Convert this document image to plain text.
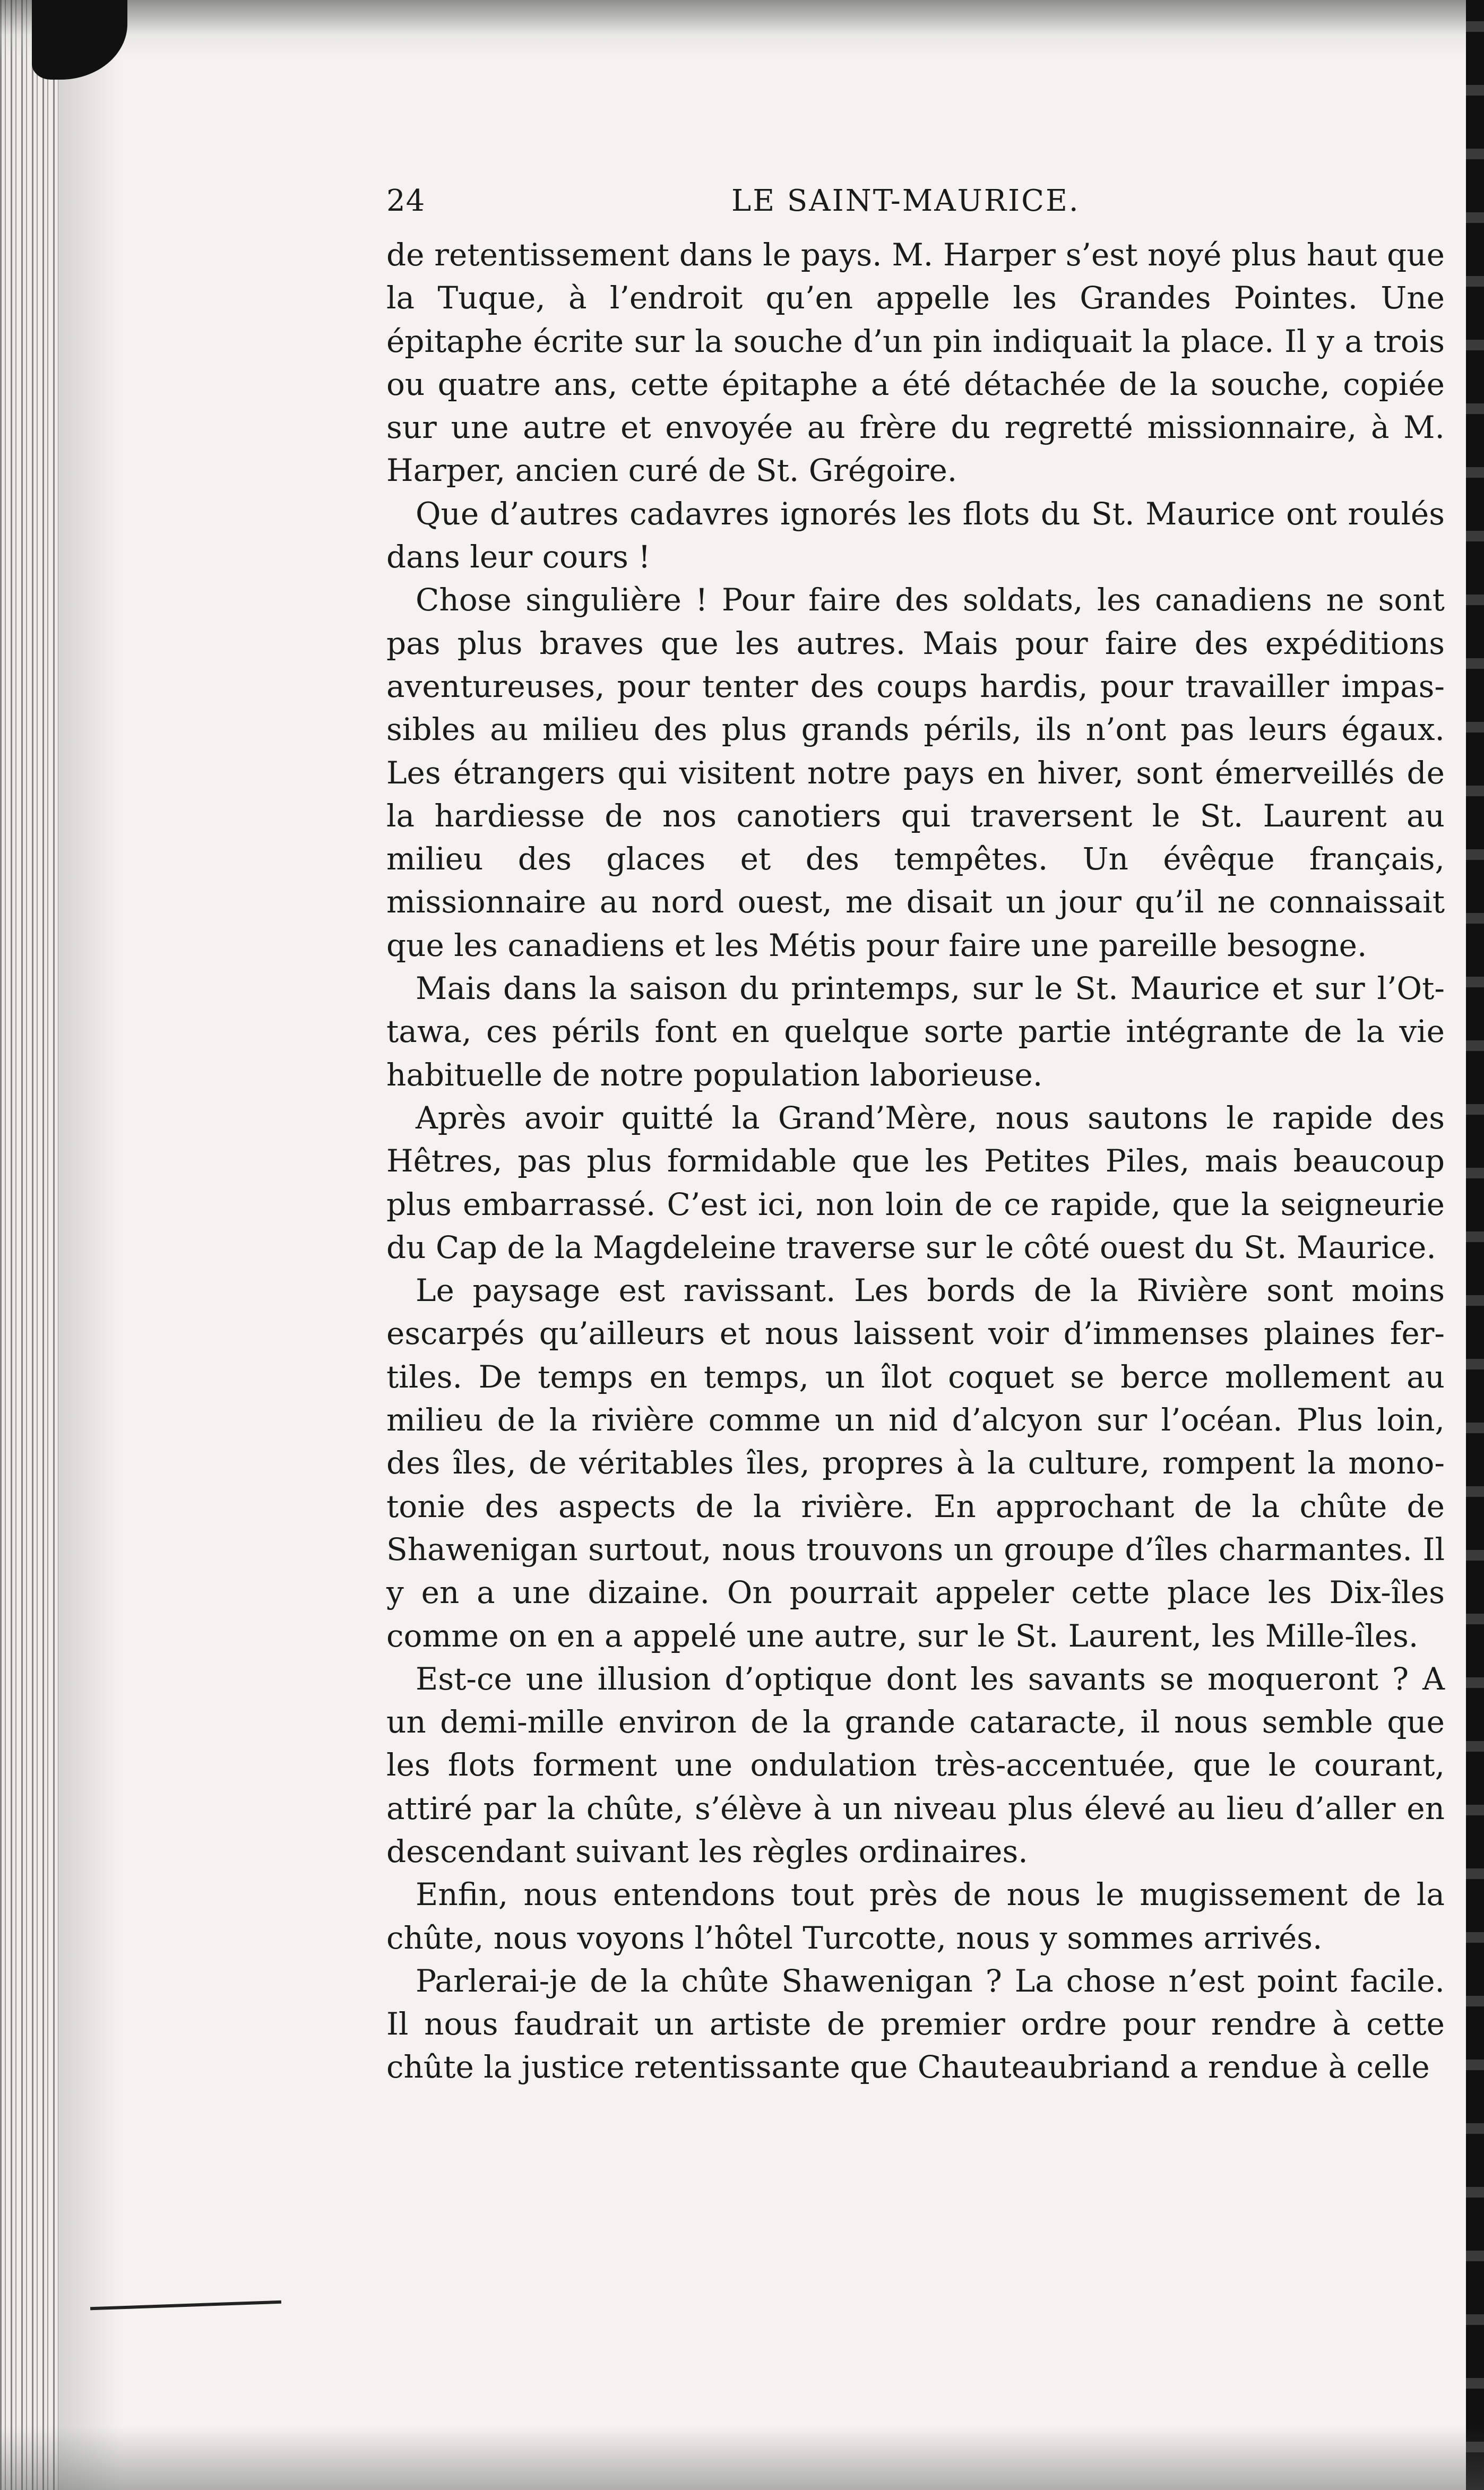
24	LE SAINT-MAURICE.

de retentissement dans le pays. M. Harper s’est noyé plus haut que la Tuque, à l’endroit qu’en appelle les Grandes Pointes. Une épitaphe écrite sur la souche d’un pin indiquait la place. Il y a trois ou quatre ans, cette épitaphe a été détachée de la souche, copiée sur une autre et envoyée au frère du regretté missionnaire, à M. Harper, ancien curé de St. Grégoire.

Que d’autres cadavres ignorés les flots du St. Maurice ont roulés dans leur cours !

Chose singulière ! Pour faire des soldats, les canadiens ne sont pas plus braves que les autres. Mais pour faire des expéditions aventureuses, pour tenter des coups hardis, pour travailler impassibles au milieu des plus grands périls, ils n’ont pas leurs égaux. Les étrangers qui visitent notre pays en hiver, sont émerveillés de la hardiesse de nos canotiers qui traversent le St. Laurent au milieu des glaces et des tempêtes. Un évêque français, missionnaire au nord ouest, me disait un jour qu’il ne connaissait que les canadiens et les Métis pour faire une pareille besogne.

Mais dans la saison du printemps, sur le St. Maurice et sur l’Ottawa, ces périls font en quelque sorte partie intégrante de la vie habituelle de notre population laborieuse.

Après avoir quitté la Grand’Mère, nous sautons le rapide des Hêtres, pas plus formidable que les Petites Piles, mais beaucoup plus embarrassé. C’est ici, non loin de ce rapide, que la seigneurie du Cap de la Magdeleine traverse sur le côté ouest du St. Maurice.

Le paysage est ravissant. Les bords de la Rivière sont moins escarpés qu’ailleurs et nous laissent voir d’immenses plaines fertiles. De temps en temps, un îlot coquet se berce mollement au milieu de la rivière comme un nid d’alcyon sur l’océan. Plus loin, des îles, de véritables îles, propres à la culture, rompent la monotonie des aspects de la rivière. En approchant de la chûte de Shawenigan surtout, nous trouvons un groupe d’îles charmantes. Il y en a une dizaine. On pourrait appeler cette place les Dix-îles comme on en a appelé une autre, sur le St. Laurent, les Mille-îles.

Est-ce une illusion d’optique dont les savants se moqueront ? A un demi-mille environ de la grande cataracte, il nous semble que les flots forment une ondulation très-accentuée, que le courant, attiré par la chûte, s’élève à un niveau plus élevé au lieu d’aller en descendant suivant les règles ordinaires.

Enfin, nous entendons tout près de nous le mugissement de la chûte, nous voyons l’hôtel Turcotte, nous y sommes arrivés.

Parlerai-je de la chûte Shawenigan ? La chose n’est point facile. Il nous faudrait un artiste de premier ordre pour rendre à cette chûte la justice retentissante que Chauteaubriand a rendue à celle
